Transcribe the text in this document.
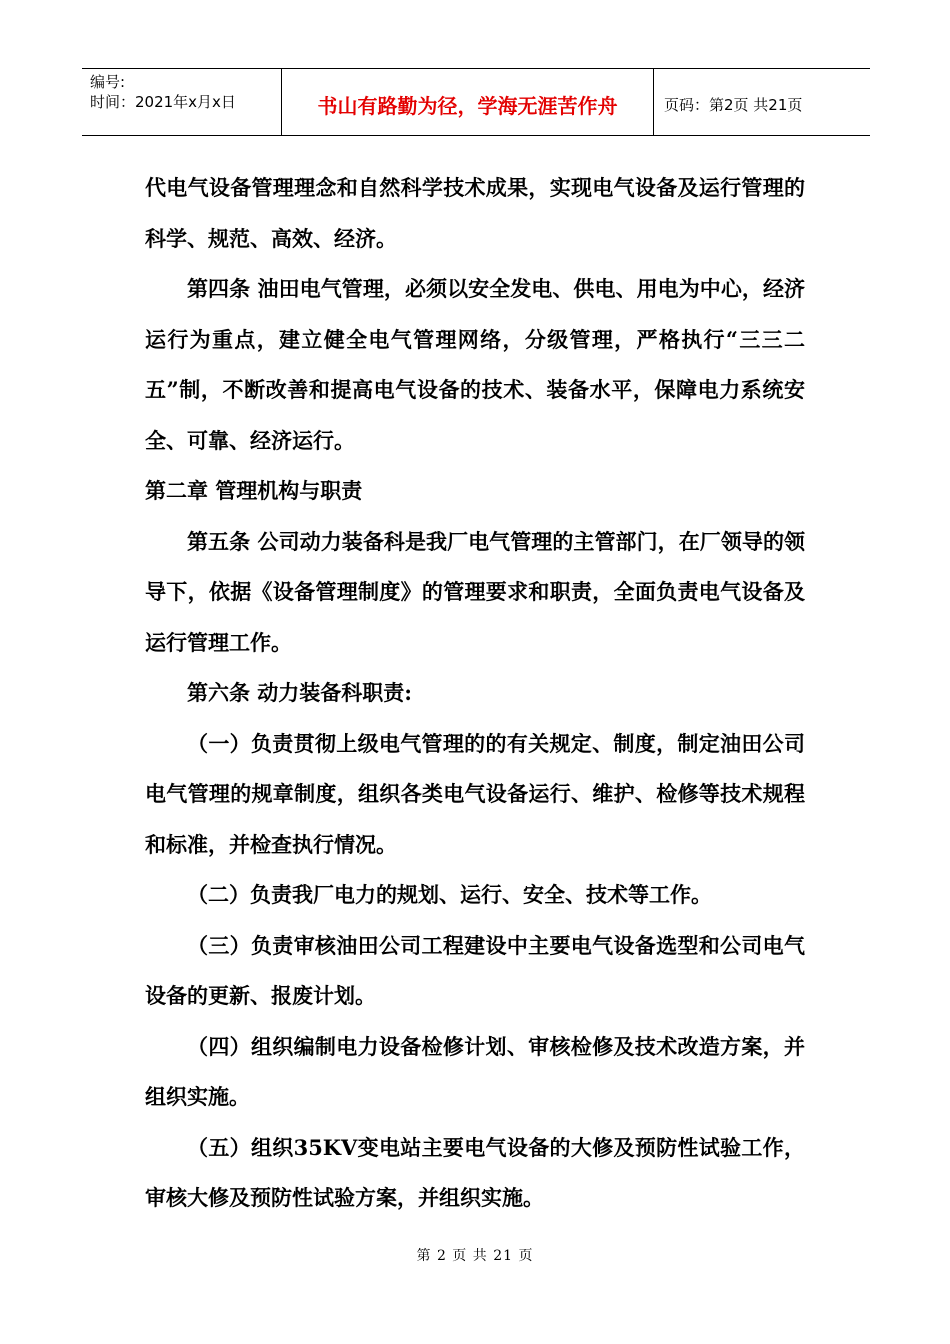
编号:
时间：2021年x月x日	书山有路勤为径，学海无涯苦作舟	页码：第2页 共21页

代电气设备管理理念和自然科学技术成果，实现电气设备及运行管理的科学、规范、高效、经济。

第四条 油田电气管理，必须以安全发电、供电、用电为中心，经济运行为重点，建立健全电气管理网络，分级管理，严格执行“三三二五”制，不断改善和提高电气设备的技术、装备水平，保障电力系统安全、可靠、经济运行。

第二章 管理机构与职责

第五条 公司动力装备科是我厂电气管理的主管部门，在厂领导的领导下，依据《设备管理制度》的管理要求和职责，全面负责电气设备及运行管理工作。

第六条 动力装备科职责:

（一）负责贯彻上级电气管理的的有关规定、制度，制定油田公司电气管理的规章制度，组织各类电气设备运行、维护、检修等技术规程和标准，并检查执行情况。

（二）负责我厂电力的规划、运行、安全、技术等工作。

（三）负责审核油田公司工程建设中主要电气设备选型和公司电气设备的更新、报废计划。

（四）组织编制电力设备检修计划、审核检修及技术改造方案，并组织实施。

（五）组织35KV变电站主要电气设备的大修及预防性试验工作，审核大修及预防性试验方案，并组织实施。

第 2 页 共 21 页
